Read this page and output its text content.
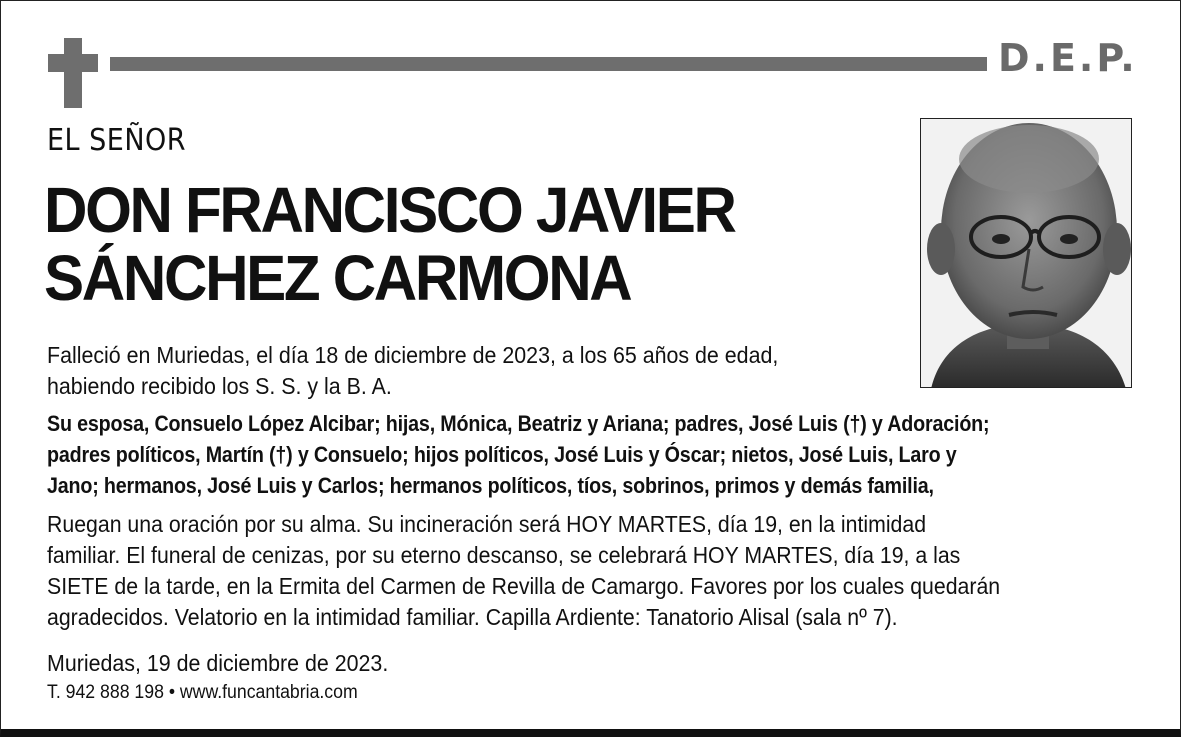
D.E.P.
EL SEÑOR
DON FRANCISCO JAVIER
SÁNCHEZ CARMONA
Falleció en Muriedas, el día 18 de diciembre de 2023, a los 65 años de edad,
habiendo recibido los S. S. y la B. A.
Su esposa, Consuelo López Alcibar; hijas, Mónica, Beatriz y Ariana; padres, José Luis (†) y Adoración;
padres políticos, Martín (†) y Consuelo; hijos políticos, José Luis y Óscar; nietos, José Luis, Laro y
Jano; hermanos, José Luis y Carlos; hermanos políticos, tíos, sobrinos, primos y demás familia,
Ruegan una oración por su alma. Su incineración será HOY MARTES, día 19, en la intimidad
familiar. El funeral de cenizas, por su eterno descanso, se celebrará HOY MARTES, día 19, a las
SIETE de la tarde, en la Ermita del Carmen de Revilla de Camargo. Favores por los cuales quedarán
agradecidos. Velatorio en la intimidad familiar. Capilla Ardiente: Tanatorio Alisal (sala nº 7).
Muriedas, 19 de diciembre de 2023.
T. 942 888 198 • www.funcantabria.com
